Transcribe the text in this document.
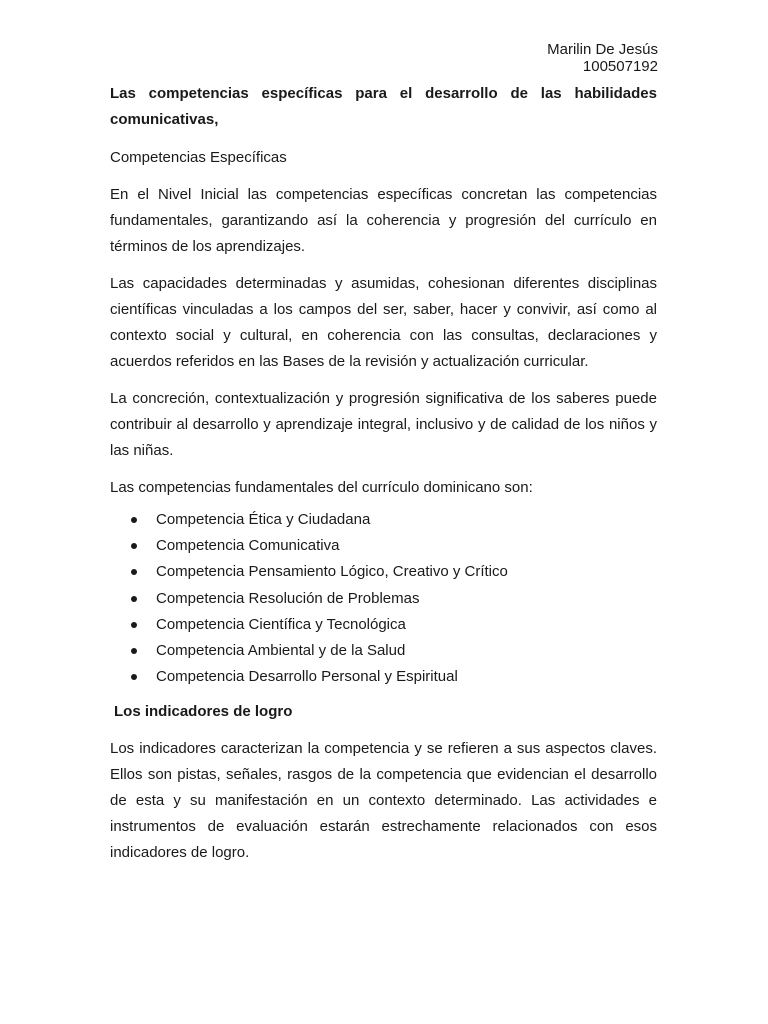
Marilin De Jesús
100507192
Las competencias específicas para el desarrollo de las habilidades
comunicativas,
Competencias Específicas

En el Nivel Inicial las competencias específicas concretan las competencias fundamentales, garantizando así la coherencia y progresión del currículo en términos de los aprendizajes.

Las capacidades determinadas y asumidas, cohesionan diferentes disciplinas científicas vinculadas a los campos del ser, saber, hacer y convivir, así como al contexto social y cultural, en coherencia con las consultas, declaraciones y acuerdos referidos en las Bases de la revisión y actualización curricular.

La concreción, contextualización y progresión significativa de los saberes puede contribuir al desarrollo y aprendizaje integral, inclusivo y de calidad de los niños y las niñas.

Las competencias fundamentales del currículo dominicano son:

Competencia Ética y Ciudadana
Competencia Comunicativa
Competencia Pensamiento Lógico, Creativo y Crítico
Competencia Resolución de Problemas
Competencia Científica y Tecnológica
Competencia Ambiental y de la Salud
Competencia Desarrollo Personal y Espiritual
Los indicadores de logro

Los indicadores caracterizan la competencia y se refieren a sus aspectos claves. Ellos son pistas, señales, rasgos de la competencia que evidencian el desarrollo de esta y su manifestación en un contexto determinado. Las actividades e instrumentos de evaluación estarán estrechamente relacionados con esos indicadores de logro.
